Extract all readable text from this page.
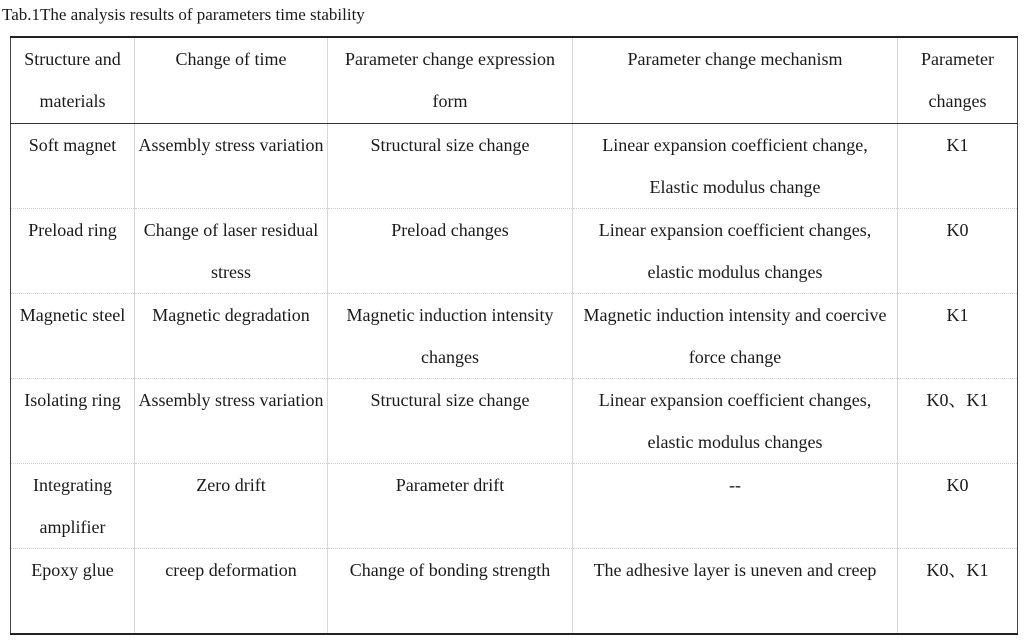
Tab.1The analysis results of parameters time stability
Structure and materials	Change of time	Parameter change expression form	Parameter change mechanism	Parameter changes
Soft magnet	Assembly stress variation	Structural size change	Linear expansion coefficient change, Elastic modulus change	K1
Preload ring	Change of laser residual stress	Preload changes	Linear expansion coefficient changes, elastic modulus changes	K0
Magnetic steel	Magnetic degradation	Magnetic induction intensity changes	Magnetic induction intensity and coercive force change	K1
Isolating ring	Assembly stress variation	Structural size change	Linear expansion coefficient changes, elastic modulus changes	K0、K1
Integrating amplifier	Zero drift	Parameter drift	--	K0
Epoxy glue	creep deformation	Change of bonding strength	The adhesive layer is uneven and creep	K0、K1
